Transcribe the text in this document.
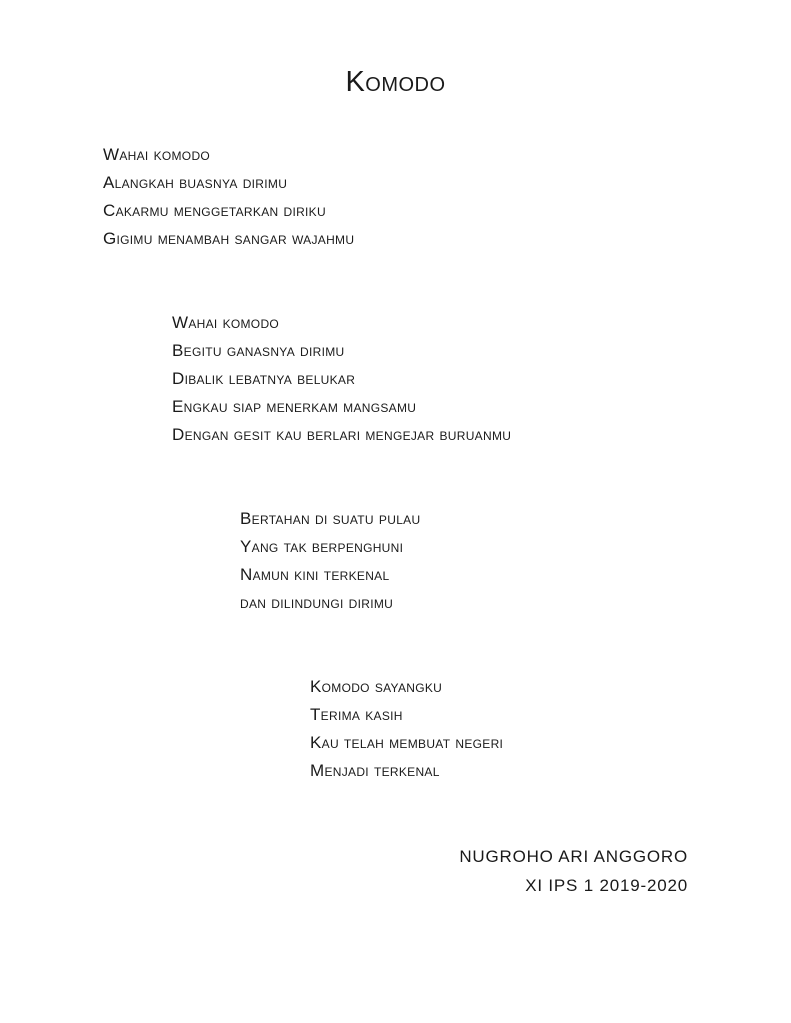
Komodo
Wahai komodo
Alangkah buasnya dirimu
Cakarmu menggetarkan diriku
Gigimu menambah sangar wajahmu
Wahai komodo
Begitu ganasnya dirimu
Dibalik lebatnya belukar
Engkau siap menerkam mangsamu
Dengan gesit kau berlari mengejar buruanmu
Bertahan di suatu pulau
Yang tak berpenghuni
Namun kini terkenal
dan dilindungi dirimu
Komodo sayangku
Terima kasih
Kau telah membuat negeri
Menjadi terkenal
NUGROHO ARI ANGGORO
XI IPS 1 2019-2020
